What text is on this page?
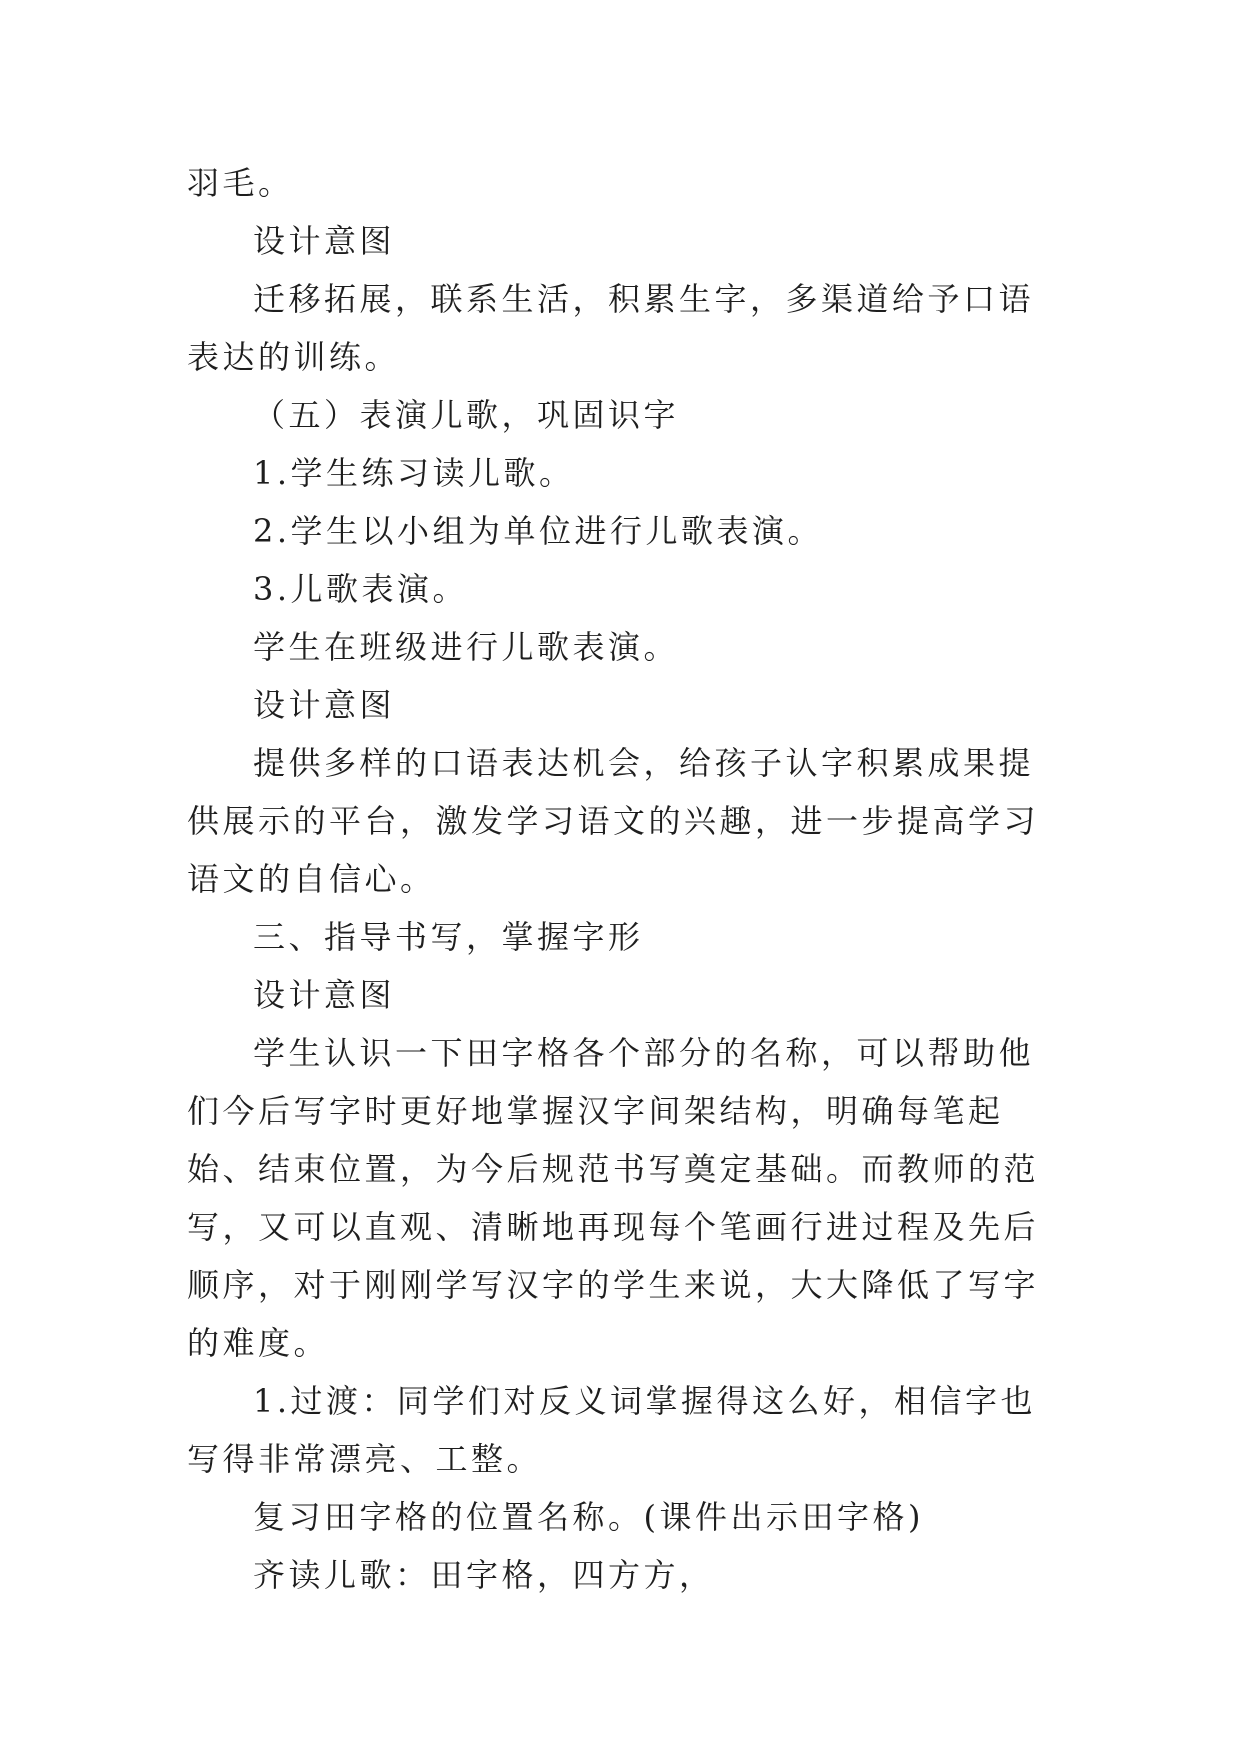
羽毛。

设计意图

迁移拓展，联系生活，积累生字，多渠道给予口语表达的训练。

（五）表演儿歌，巩固识字

1.学生练习读儿歌。

2.学生以小组为单位进行儿歌表演。

3.儿歌表演。

学生在班级进行儿歌表演。

设计意图

提供多样的口语表达机会，给孩子认字积累成果提供展示的平台，激发学习语文的兴趣，进一步提高学习语文的自信心。

三、指导书写，掌握字形

设计意图

学生认识一下田字格各个部分的名称，可以帮助他们今后写字时更好地掌握汉字间架结构，明确每笔起始、结束位置，为今后规范书写奠定基础。而教师的范写，又可以直观、清晰地再现每个笔画行进过程及先后顺序，对于刚刚学写汉字的学生来说，大大降低了写字的难度。

1.过渡：同学们对反义词掌握得这么好，相信字也写得非常漂亮、工整。

复习田字格的位置名称。(课件出示田字格)

齐读儿歌：田字格，四方方，
